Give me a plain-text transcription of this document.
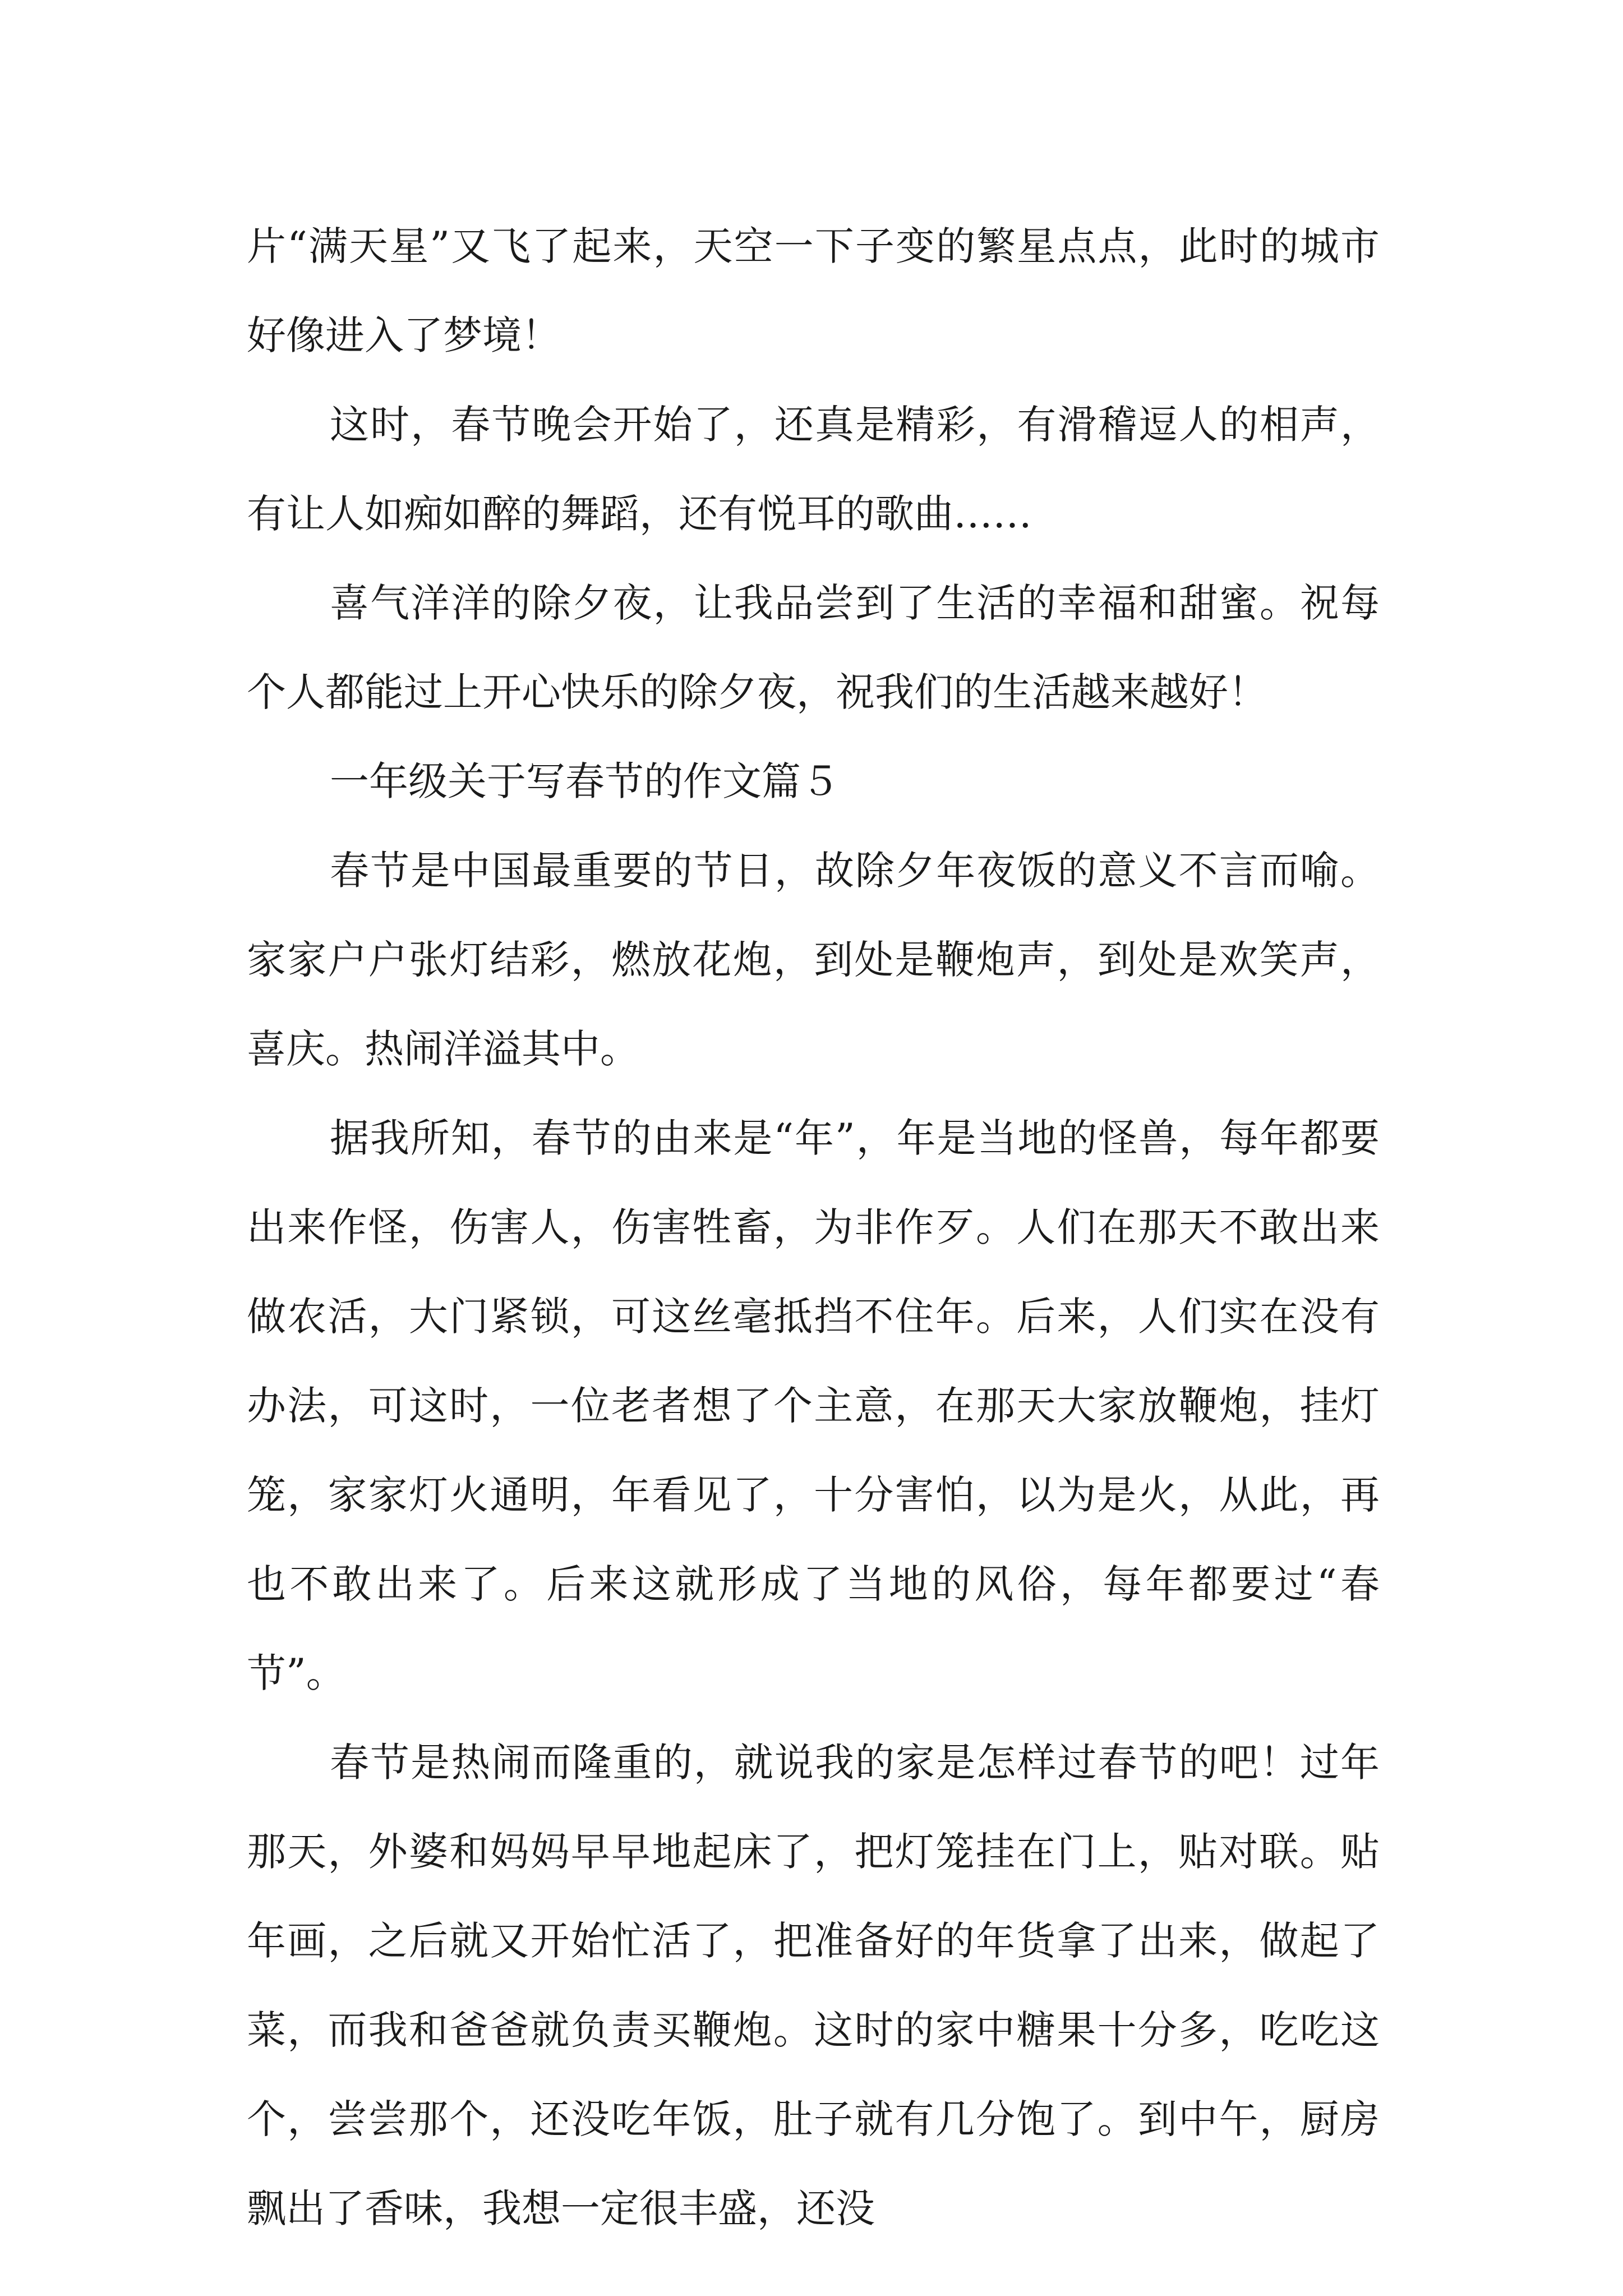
片“满天星”又飞了起来，天空一下子变的繁星点点，此时的城市好像进入了梦境！

这时，春节晚会开始了，还真是精彩，有滑稽逗人的相声，有让人如痴如醉的舞蹈，还有悦耳的歌曲……

喜气洋洋的除夕夜，让我品尝到了生活的幸福和甜蜜。祝每个人都能过上开心快乐的除夕夜，祝我们的生活越来越好！

一年级关于写春节的作文篇５

春节是中国最重要的节日，故除夕年夜饭的意义不言而喻。家家户户张灯结彩，燃放花炮，到处是鞭炮声，到处是欢笑声，喜庆。热闹洋溢其中。

据我所知，春节的由来是“年”，年是当地的怪兽，每年都要出来作怪，伤害人，伤害牲畜，为非作歹。人们在那天不敢出来做农活，大门紧锁，可这丝毫抵挡不住年。后来，人们实在没有办法，可这时，一位老者想了个主意，在那天大家放鞭炮，挂灯笼，家家灯火通明，年看见了，十分害怕，以为是火，从此，再也不敢出来了。后来这就形成了当地的风俗，每年都要过“春节”。

春节是热闹而隆重的，就说我的家是怎样过春节的吧！过年那天，外婆和妈妈早早地起床了，把灯笼挂在门上，贴对联。贴年画，之后就又开始忙活了，把准备好的年货拿了出来，做起了菜，而我和爸爸就负责买鞭炮。这时的家中糖果十分多，吃吃这个，尝尝那个，还没吃年饭，肚子就有几分饱了。到中午，厨房飘出了香味，我想一定很丰盛，还没
